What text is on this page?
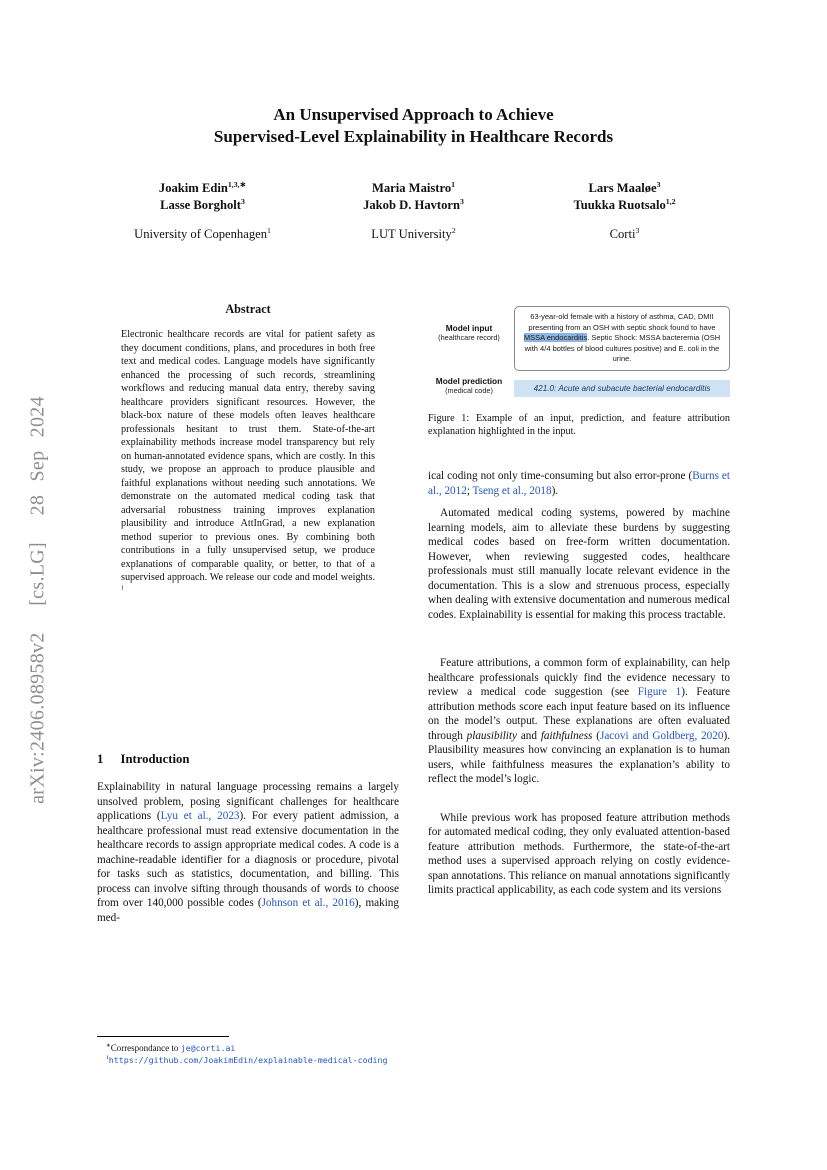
arXiv:2406.08958v2  [cs.LG]  28 Sep 2024
An Unsupervised Approach to Achieve
Supervised-Level Explainability in Healthcare Records
Joakim Edin$^{1,3,∗}$
Lasse Borgholt$^3$
University of Copenhagen$^1$
Maria Maistro$^1$
Jakob D. Havtorn$^3$
LUT University$^2$
Lars Maaløe$^3$
Tuukka Ruotsalo$^{1,2}$
Corti$^3$
Abstract

Electronic healthcare records are vital for patient safety as they document conditions, plans, and procedures in both free text and medical codes. Language models have significantly enhanced the processing of such records, streamlining workflows and reducing manual data entry, thereby saving healthcare providers significant resources. However, the black-box nature of these models often leaves healthcare professionals hesitant to trust them. State-of-the-art explainability methods increase model transparency but rely on human-annotated evidence spans, which are costly. In this study, we propose an approach to produce plausible and faithful explanations without needing such annotations. We demonstrate on the automated medical coding task that adversarial robustness training improves explanation plausibility and introduce AttInGrad, a new explanation method superior to previous ones. By combining both contributions in a fully unsupervised setup, we produce explanations of comparable quality, or better, to that of a supervised approach. We release our code and model weights. $^1$

1 Introduction

Explainability in natural language processing remains a largely unsolved problem, posing significant challenges for healthcare applications (Lyu et al., 2023). For every patient admission, a healthcare professional must read extensive documentation in the healthcare records to assign appropriate medical codes. A code is a machine-readable identifier for a diagnosis or procedure, pivotal for tasks such as statistics, documentation, and billing. This process can involve sifting through thousands of words to choose from over 140,000 possible codes (Johnson et al., 2016), making med-

∗Correspondance to je@corti.ai

$^1$https://github.com/JoakimEdin/explainable-medical-coding

Model input
(healthcare record)
63-year-old female with a history of asthma, CAD, DMII presenting from an OSH with septic shock found to have MSSA endocarditis. Septic Shock: MSSA bacteremia (OSH with 4/4 bottles of blood cultures positive) and E. coli in the urine.
Model prediction
(medical code)	421.0: Acute and subacute bacterial endocarditis

Figure 1: Example of an input, prediction, and feature attribution explanation highlighted in the input.

ical coding not only time-consuming but also error-prone (Burns et al., 2012; Tseng et al., 2018).

Automated medical coding systems, powered by machine learning models, aim to alleviate these burdens by suggesting medical codes based on free-form written documentation. However, when reviewing suggested codes, healthcare professionals must still manually locate relevant evidence in the documentation. This is a slow and strenuous process, especially when dealing with extensive documentation and numerous medical codes. Explainability is essential for making this process tractable.

Feature attributions, a common form of explainability, can help healthcare professionals quickly find the evidence necessary to review a medical code suggestion (see Figure 1). Feature attribution methods score each input feature based on its influence on the model’s output. These explanations are often evaluated through plausibility and faithfulness (Jacovi and Goldberg, 2020). Plausibility measures how convincing an explanation is to human users, while faithfulness measures the explanation’s ability to reflect the model’s logic.

While previous work has proposed feature attribution methods for automated medical coding, they only evaluated attention-based feature attribution methods. Furthermore, the state-of-the-art method uses a supervised approach relying on costly evidence-span annotations. This reliance on manual annotations significantly limits practical applicability, as each code system and its versions
